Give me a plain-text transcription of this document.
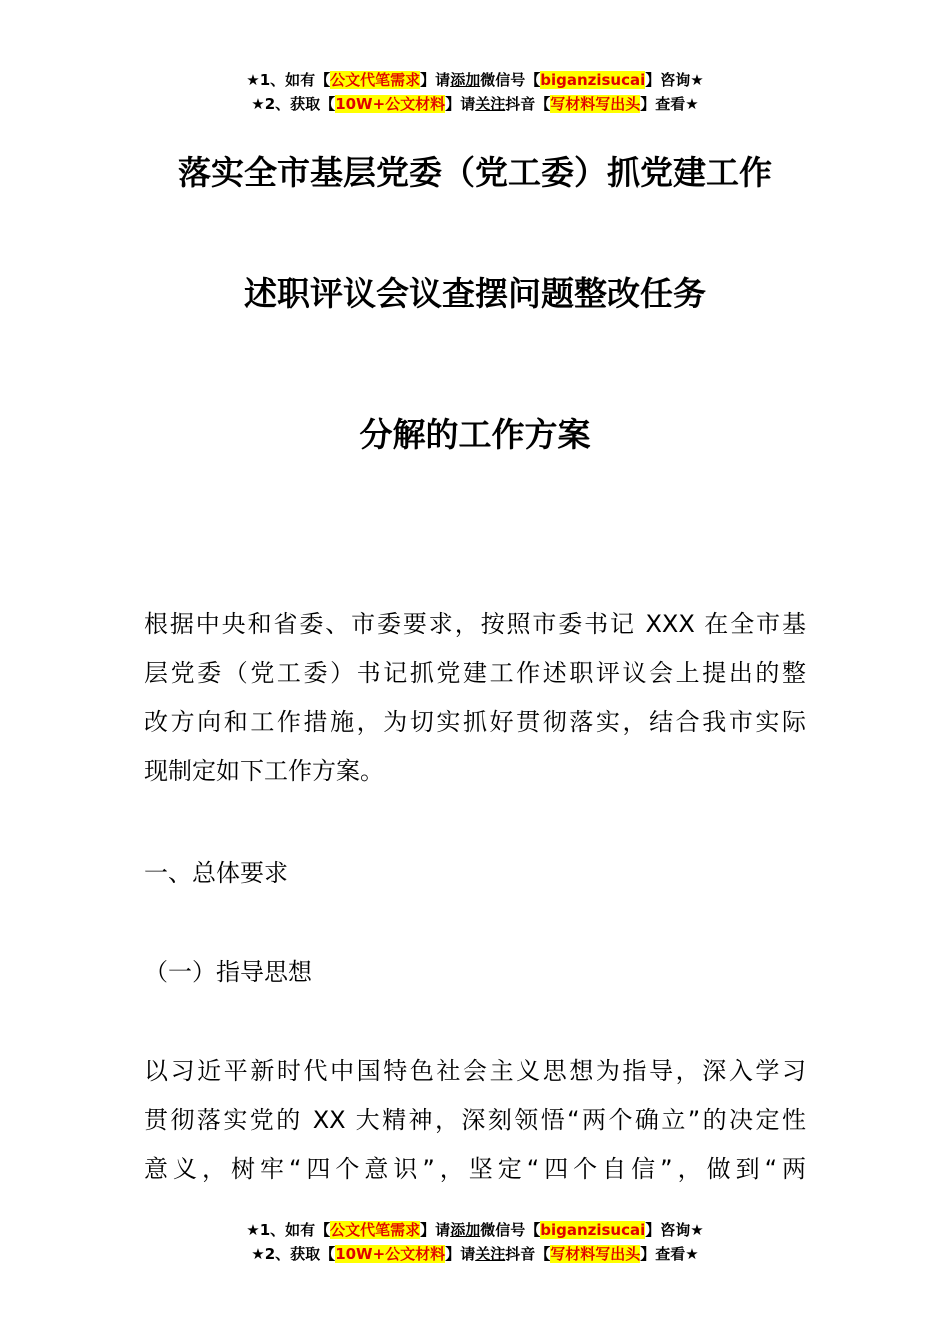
★1、如有【公文代笔需求】请添加微信号【biganzisucai】咨询★
★2、获取【10W+公文材料】请关注抖音【写材料写出头】查看★
落实全市基层党委（党工委）抓党建工作
述职评议会议查摆问题整改任务
分解的工作方案
根据中央和省委、市委要求，按照市委书记 XXX 在全市基
层党委（党工委）书记抓党建工作述职评议会上提出的整
改方向和工作措施，为切实抓好贯彻落实，结合我市实际
现制定如下工作方案。
一、总体要求
（一）指导思想
以习近平新时代中国特色社会主义思想为指导，深入学习
贯彻落实党的 XX 大精神，深刻领悟“两个确立”的决定性
意义，树牢“四个意识”，坚定“四个自信”，做到“两
★1、如有【公文代笔需求】请添加微信号【biganzisucai】咨询★
★2、获取【10W+公文材料】请关注抖音【写材料写出头】查看★
